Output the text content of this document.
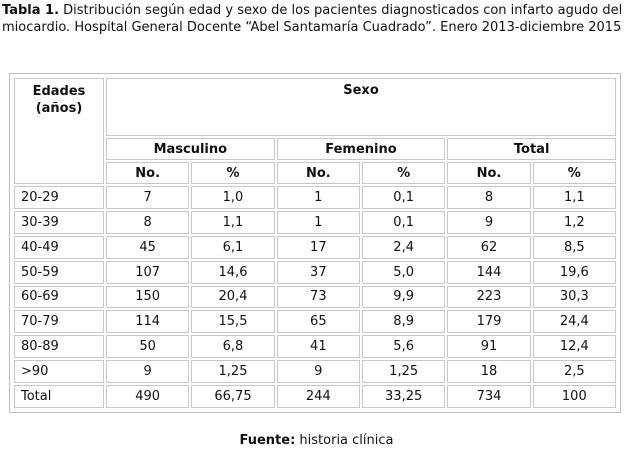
Tabla 1. Distribución según edad y sexo de los pacientes diagnosticados con infarto agudo del miocardio. Hospital General Docente “Abel Santamaría Cuadrado”. Enero 2013-diciembre 2015

Edades
(años)	Sexo					
	Masculino		Femenino		Total	
	No.	%	No.	%	No.	%
20-29	7	1,0	1	0,1	8	1,1
30-39	8	1,1	1	0,1	9	1,2
40-49	45	6,1	17	2,4	62	8,5
50-59	107	14,6	37	5,0	144	19,6
60-69	150	20,4	73	9,9	223	30,3
70-79	114	15,5	65	8,9	179	24,4
80-89	50	6,8	41	5,6	91	12,4
>90	9	1,25	9	1,25	18	2,5
Total	490	66,75	244	33,25	734	100
Fuente: historia clínica
